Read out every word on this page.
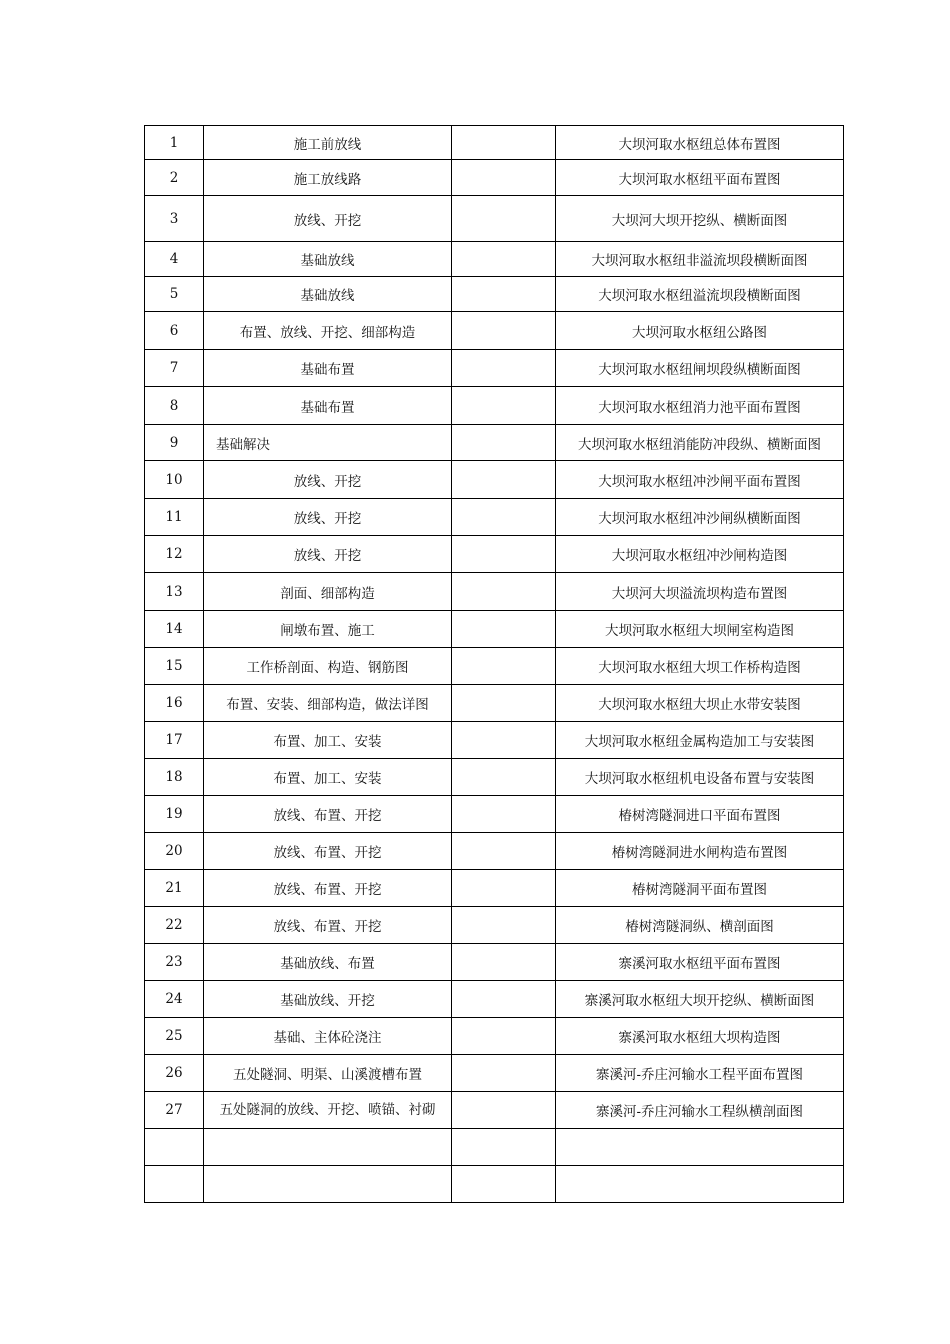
1	施工前放线		大坝河取水枢纽总体布置图
2	施工放线路		大坝河取水枢纽平面布置图
3	放线、开挖		大坝河大坝开挖纵、横断面图
4	基础放线		大坝河取水枢纽非溢流坝段横断面图
5	基础放线		大坝河取水枢纽溢流坝段横断面图
6	布置、放线、开挖、细部构造		大坝河取水枢纽公路图
7	基础布置		大坝河取水枢纽闸坝段纵横断面图
8	基础布置		大坝河取水枢纽消力池平面布置图
9	基础解决		大坝河取水枢纽消能防冲段纵、横断面图
10	放线、开挖		大坝河取水枢纽冲沙闸平面布置图
11	放线、开挖		大坝河取水枢纽冲沙闸纵横断面图
12	放线、开挖		大坝河取水枢纽冲沙闸构造图
13	剖面、细部构造		大坝河大坝溢流坝构造布置图
14	闸墩布置、施工		大坝河取水枢纽大坝闸室构造图
15	工作桥剖面、构造、钢筋图		大坝河取水枢纽大坝工作桥构造图
16	布置、安装、细部构造，做法详图		大坝河取水枢纽大坝止水带安装图
17	布置、加工、安装		大坝河取水枢纽金属构造加工与安装图
18	布置、加工、安装		大坝河取水枢纽机电设备布置与安装图
19	放线、布置、开挖		椿树湾隧洞进口平面布置图
20	放线、布置、开挖		椿树湾隧洞进水闸构造布置图
21	放线、布置、开挖		椿树湾隧洞平面布置图
22	放线、布置、开挖		椿树湾隧洞纵、横剖面图
23	基础放线、布置		寨溪河取水枢纽平面布置图
24	基础放线、开挖		寨溪河取水枢纽大坝开挖纵、横断面图
25	基础、主体砼浇注		寨溪河取水枢纽大坝构造图
26	五处隧洞、明渠、山溪渡槽布置		寨溪河-乔庄河输水工程平面布置图
27	五处隧洞的放线、开挖、喷锚、衬砌		寨溪河-乔庄河输水工程纵横剖面图
